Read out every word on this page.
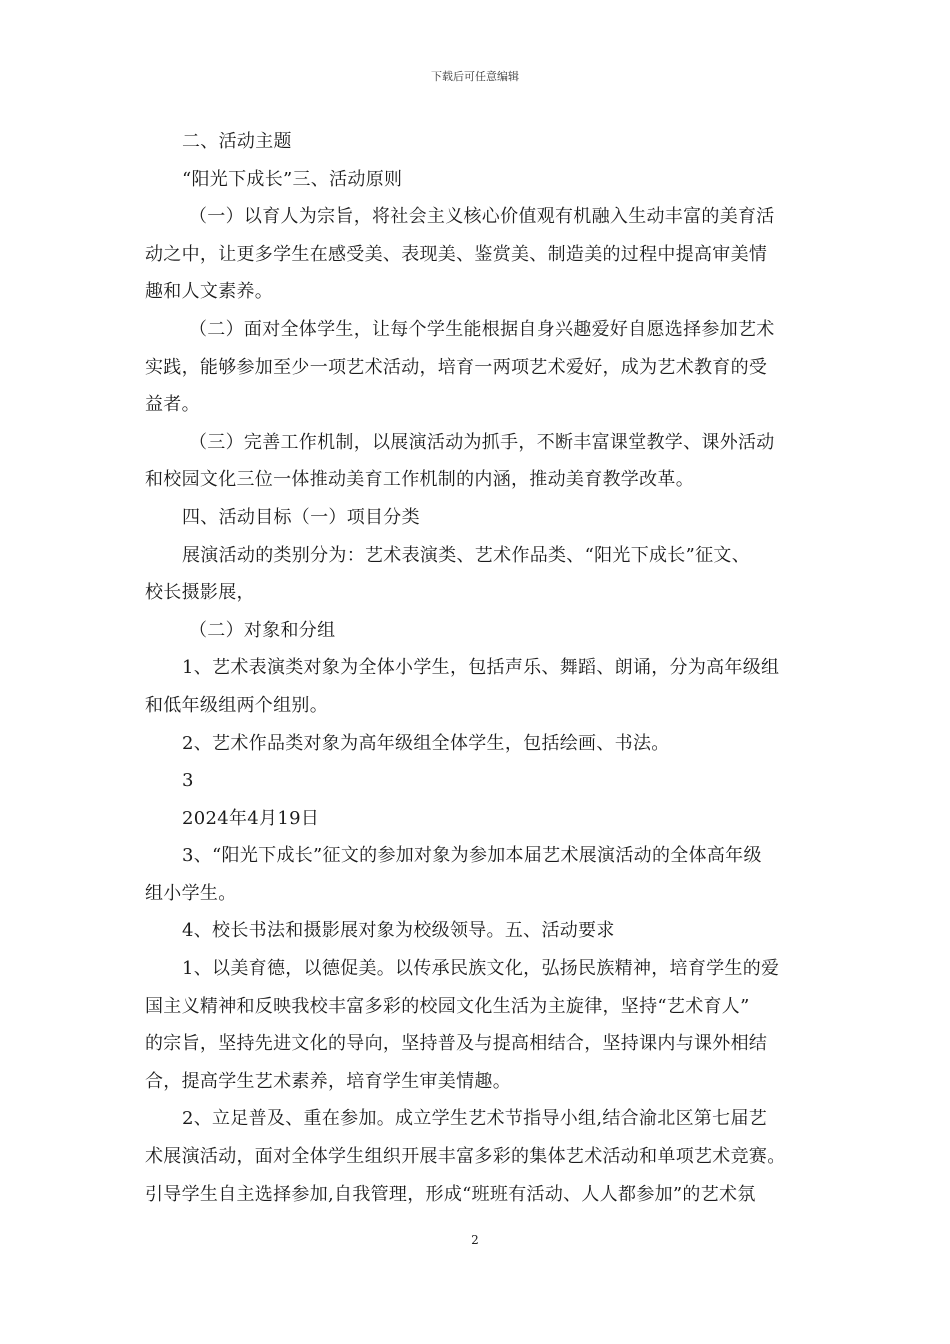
下载后可任意编辑
二、活动主题
“阳光下成长”三、活动原则
（一）以育人为宗旨，将社会主义核心价值观有机融入生动丰富的美育活
动之中，让更多学生在感受美、表现美、鉴赏美、制造美的过程中提高审美情
趣和人文素养。
（二）面对全体学生，让每个学生能根据自身兴趣爱好自愿选择参加艺术
实践，能够参加至少一项艺术活动，培育一两项艺术爱好，成为艺术教育的受
益者。
（三）完善工作机制，以展演活动为抓手，不断丰富课堂教学、课外活动
和校园文化三位一体推动美育工作机制的内涵，推动美育教学改革。
四、活动目标（一）项目分类
展演活动的类别分为：艺术表演类、艺术作品类、“阳光下成长”征文、
校长摄影展，
（二）对象和分组
1、艺术表演类对象为全体小学生，包括声乐、舞蹈、朗诵，分为高年级组
和低年级组两个组别。
2、艺术作品类对象为高年级组全体学生，包括绘画、书法。
3
2024年4月19日
3、“阳光下成长”征文的参加对象为参加本届艺术展演活动的全体高年级
组小学生。
4、校长书法和摄影展对象为校级领导。五、活动要求
1、以美育德，以德促美。以传承民族文化，弘扬民族精神，培育学生的爱
国主义精神和反映我校丰富多彩的校园文化生活为主旋律，坚持“艺术育人”
的宗旨，坚持先进文化的导向，坚持普及与提高相结合，坚持课内与课外相结
合，提高学生艺术素养，培育学生审美情趣。
2、立足普及、重在参加。成立学生艺术节指导小组,结合渝北区第七届艺
术展演活动，面对全体学生组织开展丰富多彩的集体艺术活动和单项艺术竞赛。
引导学生自主选择参加,自我管理，形成“班班有活动、人人都参加”的艺术氛
2
